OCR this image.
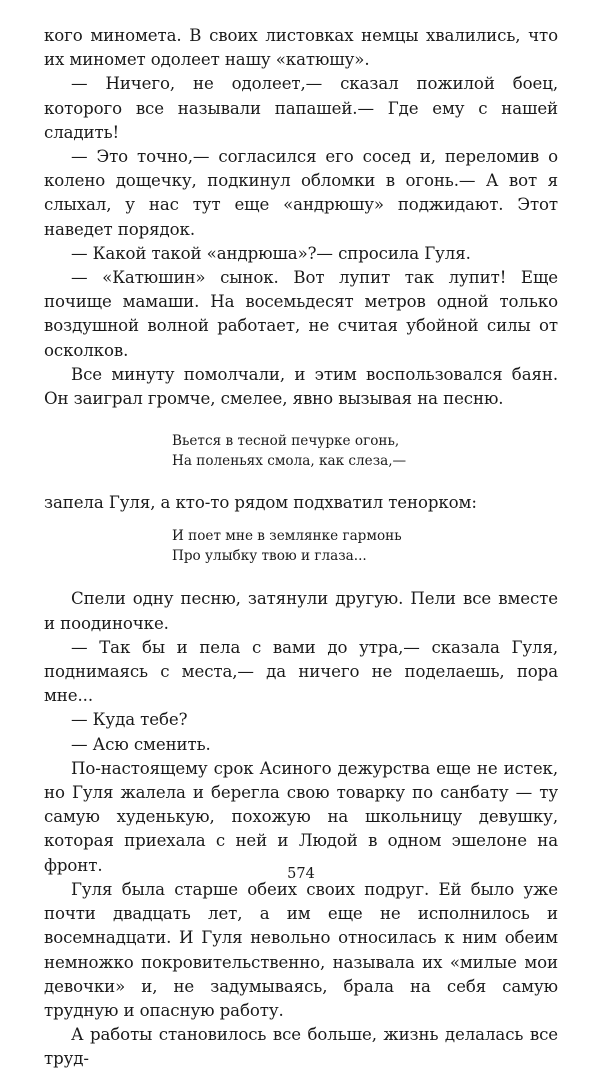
кого миномета. В своих листовках немцы хвалились, что их миномет одолеет нашу «катюшу».

— Ничего, не одолеет,— сказал пожилой боец, которого все называли папашей.— Где ему с нашей сладить!

— Это точно,— согласился его сосед и, переломив о колено дощечку, подкинул обломки в огонь.— А вот я слыхал, у нас тут еще «андрюшу» поджидают. Этот наведет порядок.

— Какой такой «андрюша»?— спросила Гуля.

— «Катюшин» сынок. Вот лупит так лупит! Еще почище мамаши. На восемьдесят метров одной только воздушной волной работает, не считая убойной силы от осколков.

Все минуту помолчали, и этим воспользовался баян. Он заиграл громче, смелее, явно вызывая на песню.

Вьется в тесной печурке огонь,
На поленьях смола, как слеза,—

запела Гуля, а кто-то рядом подхватил тенорком:

И поет мне в землянке гармонь
Про улыбку твою и глаза...

Спели одну песню, затянули другую. Пели все вместе и поодиночке.

— Так бы и пела с вами до утра,— сказала Гуля, поднимаясь с места,— да ничего не поделаешь, пора мне...

— Куда тебе?

— Асю сменить.

По-настоящему срок Асиного дежурства еще не истек, но Гуля жалела и берегла свою товарку по санбату — ту самую худенькую, похожую на школьницу девушку, которая приехала с ней и Людой в одном эшелоне на фронт.

Гуля была старше обеих своих подруг. Ей было уже почти двадцать лет, а им еще не исполнилось и восемнадцати. И Гуля невольно относилась к ним обеим немножко покровительственно, называла их «милые мои девочки» и, не задумываясь, брала на себя самую трудную и опасную работу.

А работы становилось все больше, жизнь делалась все труд-

574
